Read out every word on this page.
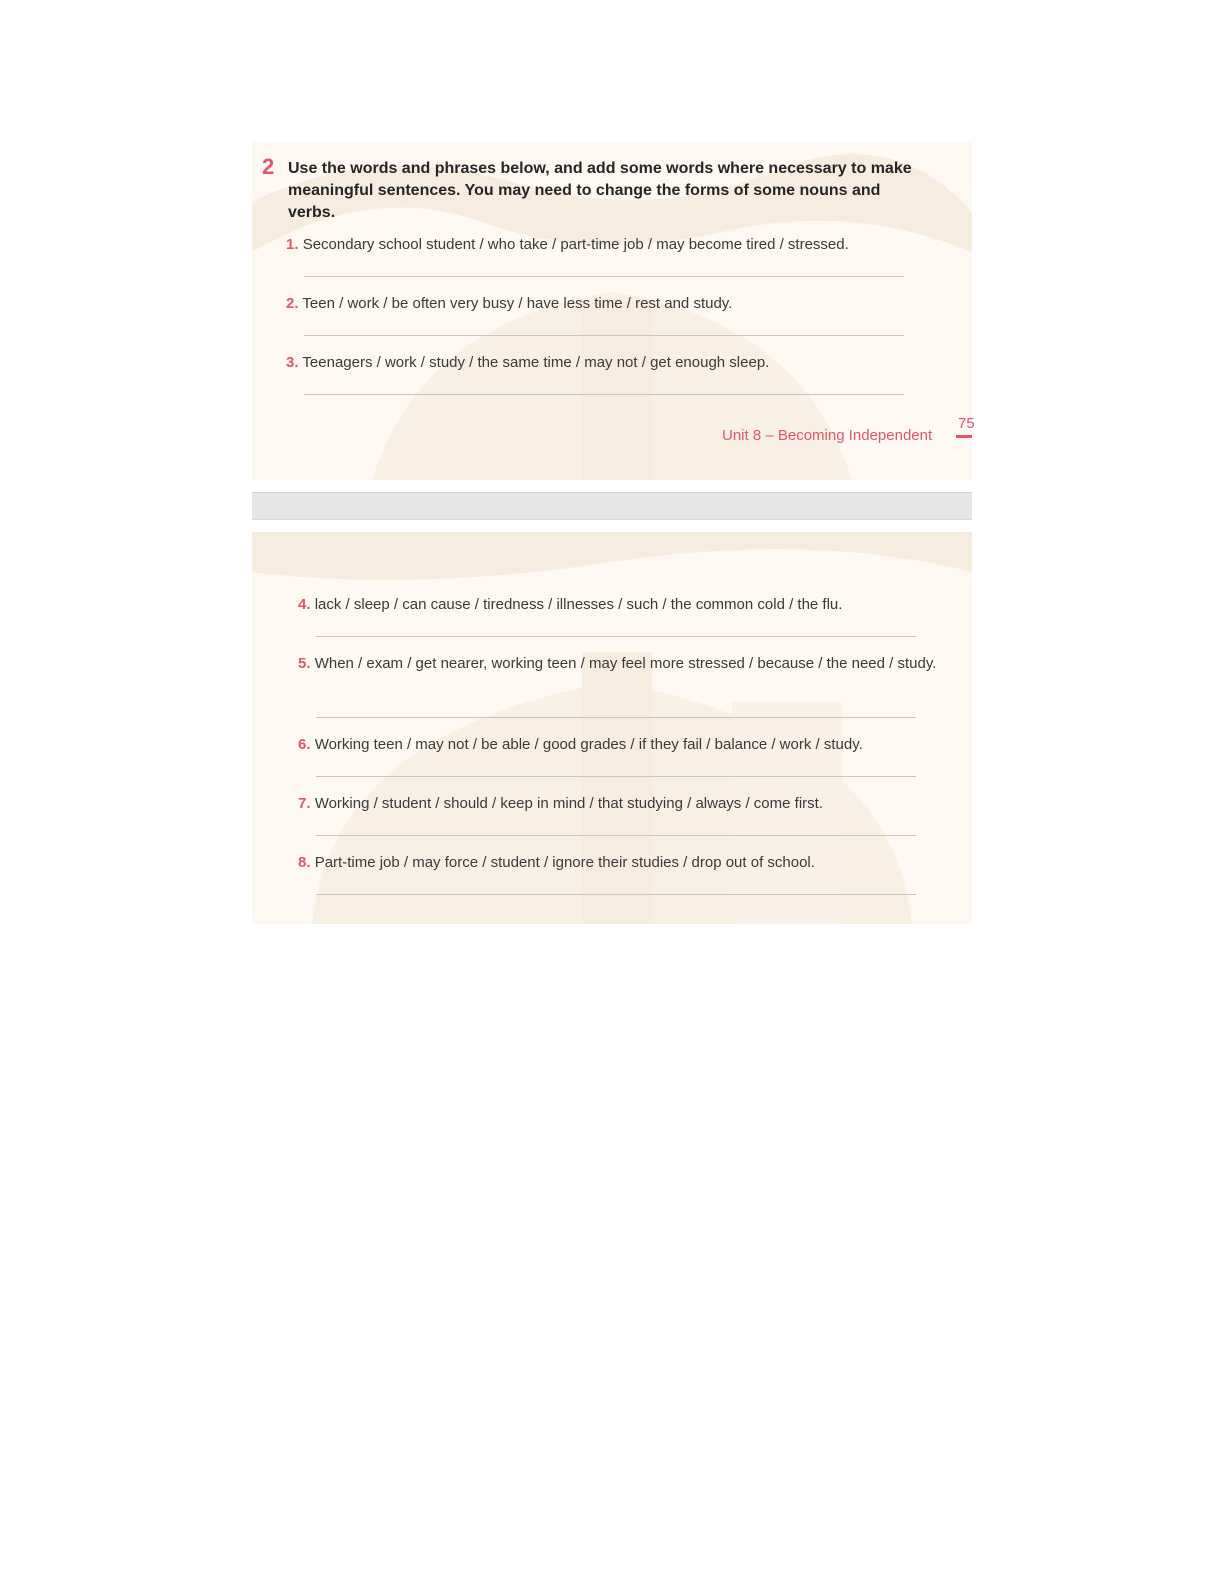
2 Use the words and phrases below, and add some words where necessary to make meaningful sentences. You may need to change the forms of some nouns and verbs.

1. Secondary school student / who take / part-time job / may become tired / stressed.
2. Teen / work / be often very busy / have less time / rest and study.
3. Teenagers / work / study / the same time / may not / get enough sleep.
Unit 8 – Becoming Independent
75
4. lack / sleep / can cause / tiredness / illnesses / such / the common cold / the flu.
5. When / exam / get nearer, working teen / may feel more stressed / because / the need / study.
6. Working teen / may not / be able / good grades / if they fail / balance / work / study.
7. Working / student / should / keep in mind / that studying / always / come first.
8. Part-time job / may force / student / ignore their studies / drop out of school.
